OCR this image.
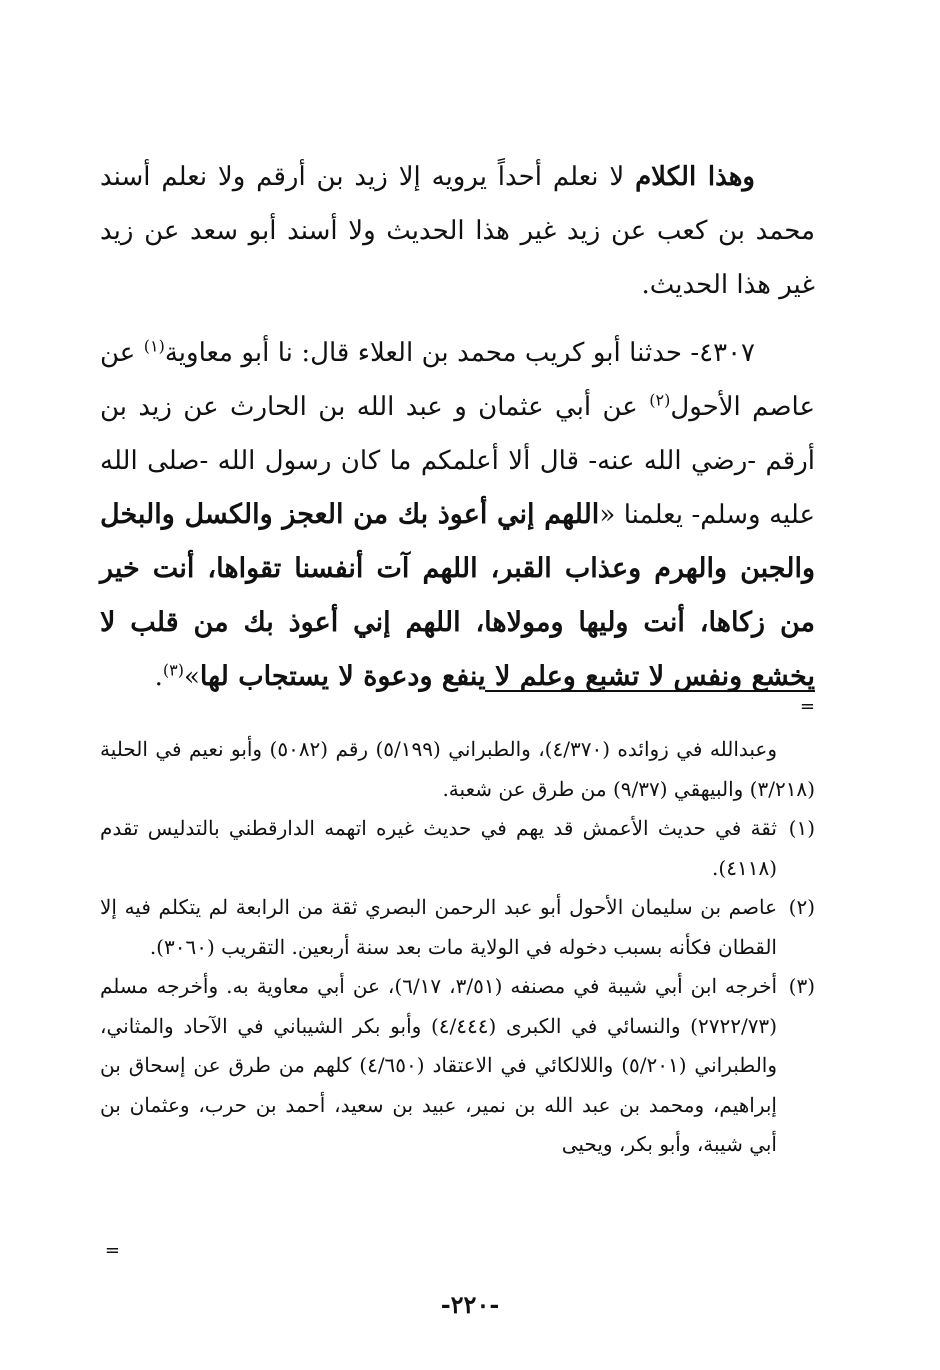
وهذا الكلام لا نعلم أحداً يرويه إلا زيد بن أرقم ولا نعلم أسند محمد بن كعب عن زيد غير هذا الحديث ولا أسند أبو سعد عن زيد غير هذا الحديث.

٤٣٠٧- حدثنا أبو كريب محمد بن العلاء قال: نا أبو معاوية$^{(١)}$ عن عاصم الأحول$^{(٢)}$ عن أبي عثمان و عبد الله بن الحارث عن زيد بن أرقم -رضي الله عنه- قال ألا أعلمكم ما كان رسول الله -صلى الله عليه وسلم- يعلمنا «اللهم إني أعوذ بك من العجز والكسل والبخل والجبن والهرم وعذاب القبر، اللهم آت أنفسنا تقواها، أنت خير من زكاها، أنت وليها ومولاها، اللهم إني أعوذ بك من قلب لا يخشع ونفس لا تشبع وعلم لا ينفع ودعوة لا يستجاب لها»$^{(٣)}$.

=
وعبدالله في زوائده (٤/٣٧٠)، والطبراني (٥/١٩٩) رقم (٥٠٨٢) وأبو نعيم في الحلية (٣/٢١٨) والبيهقي (٩/٣٧) من طرق عن شعبة.
(١)
ثقة في حديث الأعمش قد يهم في حديث غيره اتهمه الدارقطني بالتدليس تقدم (٤١١٨).
(٢)
عاصم بن سليمان الأحول أبو عبد الرحمن البصري ثقة من الرابعة لم يتكلم فيه إلا القطان فكأنه بسبب دخوله في الولاية مات بعد سنة أربعين. التقريب (٣٠٦٠).
(٣)
أخرجه ابن أبي شيبة في مصنفه (٣/٥١، ٦/١٧)، عن أبي معاوية به. وأخرجه مسلم (٢٧٢٢/٧٣) والنسائي في الكبرى (٤/٤٤٤) وأبو بكر الشيباني في الآحاد والمثاني، والطبراني (٥/٢٠١) واللالكائي في الاعتقاد (٤/٦٥٠) كلهم من طرق عن إسحاق بن إبراهيم، ومحمد بن عبد الله بن نمير، عبيد بن سعيد، أحمد بن حرب، وعثمان بن أبي شيبة، وأبو بكر، ويحيى
=
-٢٢٠-
